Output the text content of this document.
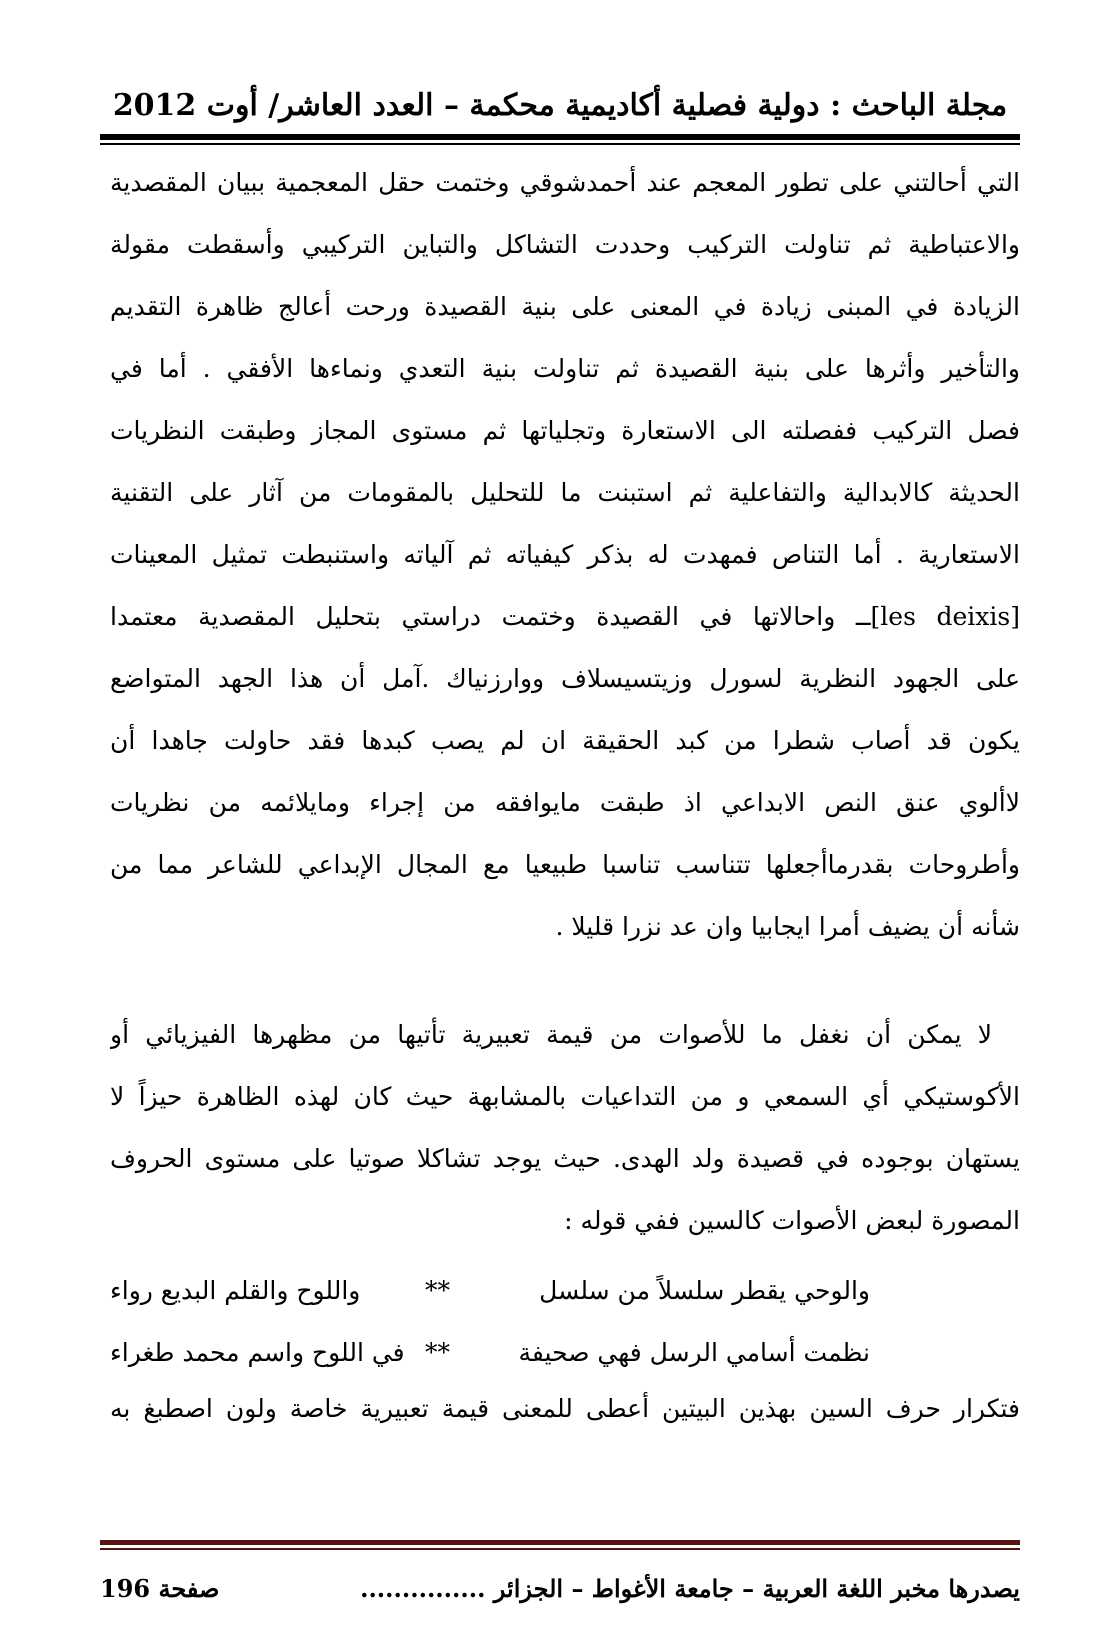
مجلة الباحث : دولية فصلية أكاديمية محكمة – العدد العاشر/ أوت 2012
التي أحالتني على تطور المعجم عند أحمدشوقي وختمت حقل المعجمية ببيان المقصدية
والاعتباطية ثم تناولت التركيب وحددت التشاكل والتباين التركيبي وأسقطت مقولة
الزيادة في المبنى زيادة في المعنى على بنية القصيدة ورحت أعالج ظاهرة التقديم
والتأخير وأثرها على بنية القصيدة ثم تناولت بنية التعدي ونماءها الأفقي . أما في
فصل التركيب ففصلته الى الاستعارة وتجلياتها ثم مستوى المجاز وطبقت النظريات
الحديثة كالابدالية والتفاعلية ثم استبنت ما للتحليل بالمقومات من آثار على التقنية
الاستعارية . أما التناص فمهدت له بذكر كيفياته ثم آلياته واستنبطت تمثيل المعينات
[les deixis]ــ واحالاتها في القصيدة وختمت دراستي بتحليل المقصدية معتمدا
على الجهود النظرية لسورل وزيتسيسلاف ووارزنياك .آمل أن هذا الجهد المتواضع
يكون قد أصاب شطرا من كبد الحقيقة ان لم يصب كبدها فقد حاولت جاهدا أن
لاألوي عنق النص الابداعي اذ طبقت مايوافقه من إجراء ومايلائمه من نظريات
وأطروحات بقدرماأجعلها تتناسب تناسبا طبيعيا مع المجال الإبداعي للشاعر مما من
شأنه أن يضيف أمرا ايجابيا وان عد نزرا قليلا .
لا يمكن أن نغفل ما للأصوات من قيمة تعبيرية تأتيها من مظهرها الفيزيائي أو
الأكوستيكي أي السمعي و من التداعيات بالمشابهة حيث كان لهذه الظاهرة حيزاً لا
يستهان بوجوده في قصيدة ولد الهدى. حيث يوجد تشاكلا صوتيا على مستوى الحروف
المصورة لبعض الأصوات كالسين ففي قوله :
والوحي يقطر سلسلاً من سلسل
**
واللوح والقلم البديع رواء
نظمت أسامي الرسل فهي صحيفة
**
في اللوح واسم محمد طغراء
فتكرار حرف السين بهذين البيتين أعطى للمعنى قيمة تعبيرية خاصة ولون اصطبغ به
يصدرها مخبر اللغة العربية – جامعة الأغواط – الجزائر ...............
صفحة 196
